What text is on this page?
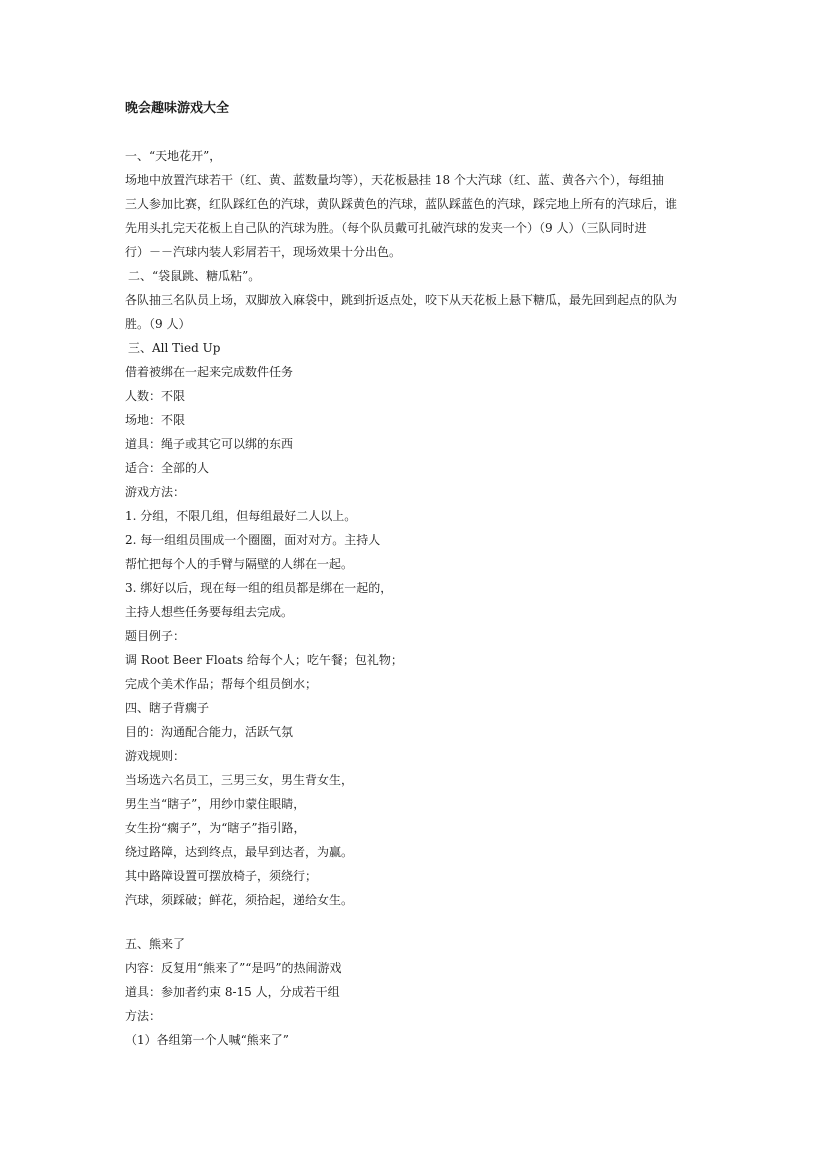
晚会趣味游戏大全
一、“天地花开”，
场地中放置汽球若干（红、黄、蓝数量均等），天花板悬挂 18 个大汽球（红、蓝、黄各六个），每组抽
三人参加比赛，红队踩红色的汽球，黄队踩黄色的汽球，蓝队踩蓝色的汽球，踩完地上所有的汽球后，谁
先用头扎完天花板上自己队的汽球为胜。（每个队员戴可扎破汽球的发夹一个）（9 人）（三队同时进
行）－－汽球内装人彩屑若干，现场效果十分出色。
二、“袋鼠跳、糖瓜粘”。
各队抽三名队员上场，双脚放入麻袋中，跳到折返点处，咬下从天花板上悬下糖瓜，最先回到起点的队为
胜。（9 人）
三、All Tied Up
借着被绑在一起来完成数件任务
人数：不限
场地：不限
道具：绳子或其它可以绑的东西
适合：全部的人
游戏方法：
1. 分组，不限几组，但每组最好二人以上。
2. 每一组组员围成一个圈圈，面对对方。主持人
帮忙把每个人的手臂与隔壁的人绑在一起。
3. 绑好以后，现在每一组的组员都是绑在一起的，
主持人想些任务要每组去完成。
题目例子：
调 Root Beer Floats 给每个人；吃午餐；包礼物；
完成个美术作品；帮每个组员倒水；
四、瞎子背瘸子
目的：沟通配合能力，活跃气氛
游戏规则：
当场选六名员工，三男三女，男生背女生，
男生当“瞎子”，用纱巾蒙住眼睛，
女生扮“瘸子”，为“瞎子”指引路，
绕过路障，达到终点，最早到达者，为赢。
其中路障设置可摆放椅子，须绕行；
汽球，须踩破；鲜花，须拾起，递给女生。
五、熊来了
内容：反复用“熊来了”“是吗”的热闹游戏
道具：参加者约束 8-15 人，分成若干组
方法：
（1）各组第一个人喊“熊来了”
